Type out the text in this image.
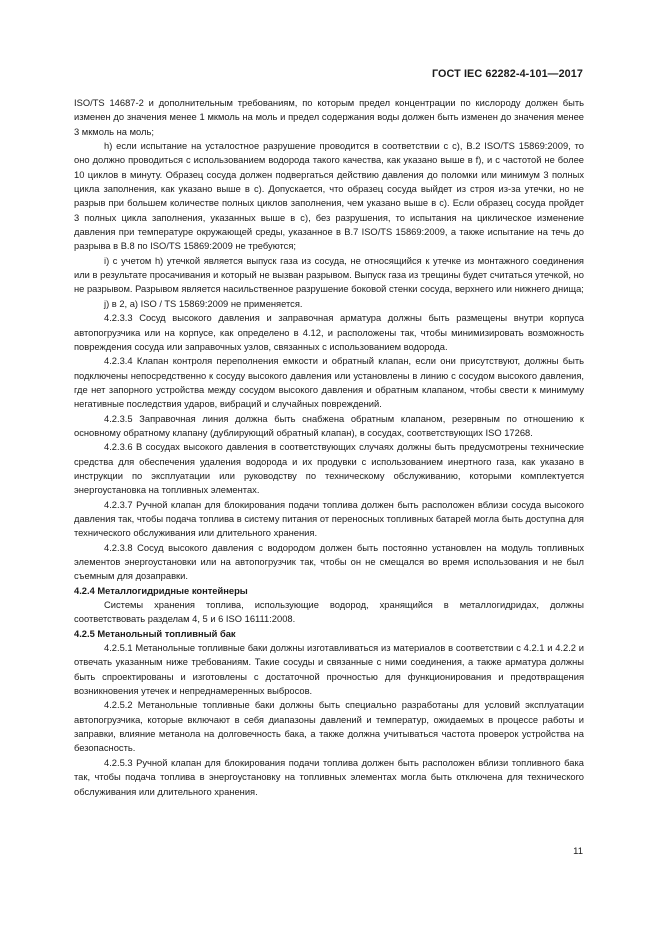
ГОСТ IEC 62282-4-101—2017

ISO/TS 14687-2 и дополнительным требованиям, по которым предел концентрации по кислороду должен быть изменен до значения менее 1 мкмоль на моль и предел содержания воды должен быть изменен до значения менее 3 мкмоль на моль;

h) если испытание на усталостное разрушение проводится в соответствии с c), B.2 ISO/TS 15869:2009, то оно должно проводиться с использованием водорода такого качества, как указано выше в f), и с частотой не более 10 циклов в минуту. Образец сосуда должен подвергаться действию давления до поломки или минимум 3 полных цикла заполнения, как указано выше в c). Допускается, что образец сосуда выйдет из строя из-за утечки, но не разрыв при большем количестве полных циклов заполнения, чем указано выше в c). Если образец сосуда пройдет 3 полных цикла заполнения, указанных выше в c), без разрушения, то испытания на циклическое изменение давления при температуре окружающей среды, указанное в B.7 ISO/TS 15869:2009, а также испытание на течь до разрыва в B.8 по ISO/TS 15869:2009 не требуются;

i) с учетом h) утечкой является выпуск газа из сосуда, не относящийся к утечке из монтажного соединения или в результате просачивания и который не вызван разрывом. Выпуск газа из трещины будет считаться утечкой, но не разрывом. Разрывом является насильственное разрушение боковой стенки сосуда, верхнего или нижнего днища;

j) в 2, а) ISO / TS 15869:2009 не применяется.

4.2.3.3 Сосуд высокого давления и заправочная арматура должны быть размещены внутри корпуса автопогрузчика или на корпусе, как определено в 4.12, и расположены так, чтобы минимизировать возможность повреждения сосуда или заправочных узлов, связанных с использованием водорода.

4.2.3.4 Клапан контроля переполнения емкости и обратный клапан, если они присутствуют, должны быть подключены непосредственно к сосуду высокого давления или установлены в линию с сосудом высокого давления, где нет запорного устройства между сосудом высокого давления и обратным клапаном, чтобы свести к минимуму негативные последствия ударов, вибраций и случайных повреждений.

4.2.3.5 Заправочная линия должна быть снабжена обратным клапаном, резервным по отношению к основному обратному клапану (дублирующий обратный клапан), в сосудах, соответствующих ISO 17268.

4.2.3.6 В сосудах высокого давления в соответствующих случаях должны быть предусмотрены технические средства для обеспечения удаления водорода и их продувки с использованием инертного газа, как указано в инструкции по эксплуатации или руководству по техническому обслуживанию, которыми комплектуется энергоустановка на топливных элементах.

4.2.3.7 Ручной клапан для блокирования подачи топлива должен быть расположен вблизи сосуда высокого давления так, чтобы подача топлива в систему питания от переносных топливных батарей могла быть доступна для технического обслуживания или длительного хранения.

4.2.3.8 Сосуд высокого давления с водородом должен быть постоянно установлен на модуль топливных элементов энергоустановки или на автопогрузчик так, чтобы он не смещался во время использования и не был съемным для дозаправки.

4.2.4 Металлогидридные контейнеры

Системы хранения топлива, использующие водород, хранящийся в металлогидридах, должны соответствовать разделам 4, 5 и 6 ISO 16111:2008.

4.2.5 Метанольный топливный бак

4.2.5.1 Метанольные топливные баки должны изготавливаться из материалов в соответствии с 4.2.1 и 4.2.2 и отвечать указанным ниже требованиям. Такие сосуды и связанные с ними соединения, а также арматура должны быть спроектированы и изготовлены с достаточной прочностью для функционирования и предотвращения возникновения утечек и непреднамеренных выбросов.

4.2.5.2 Метанольные топливные баки должны быть специально разработаны для условий эксплуатации автопогрузчика, которые включают в себя диапазоны давлений и температур, ожидаемых в процессе работы и заправки, влияние метанола на долговечность бака, а также должна учитываться частота проверок устройства на безопасность.

4.2.5.3 Ручной клапан для блокирования подачи топлива должен быть расположен вблизи топливного бака так, чтобы подача топлива в энергоустановку на топливных элементах могла быть отключена для технического обслуживания или длительного хранения.

11
